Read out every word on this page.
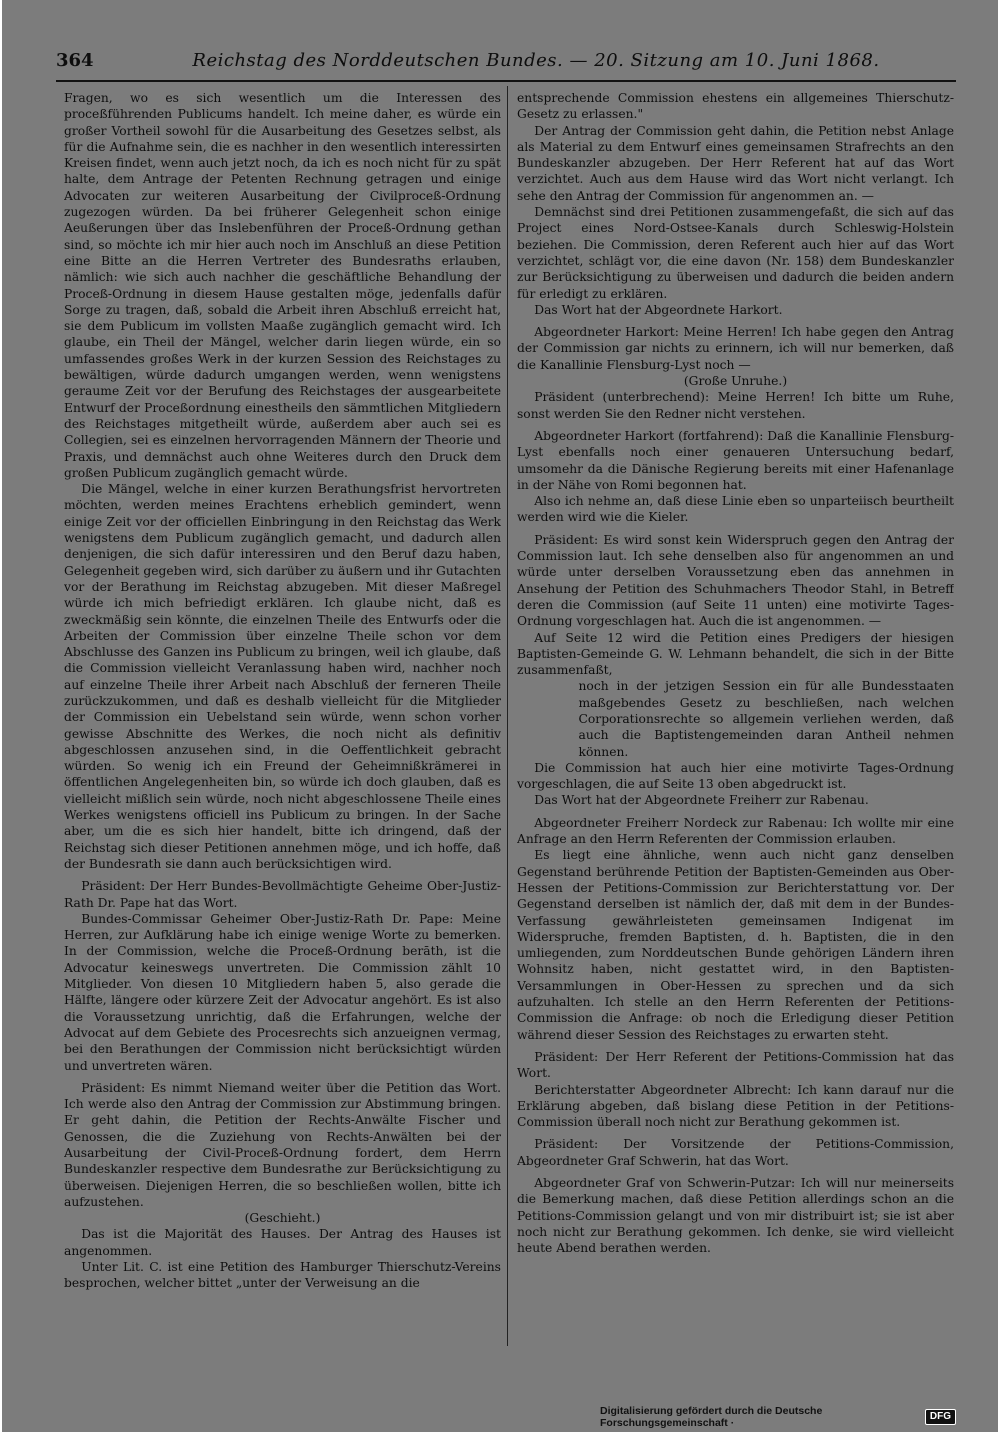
364	Reichstag des Norddeutschen Bundes. — 20. Sitzung am 10. Juni 1868.

Fragen, wo es sich wesentlich um die Interessen des proceßführenden Publicums handelt. Ich meine daher, es würde ein großer Vortheil sowohl für die Ausarbeitung des Gesetzes selbst, als für die Aufnahme sein, die es nachher in den wesentlich interessirten Kreisen findet, wenn auch jetzt noch, da ich es noch nicht für zu spät halte, dem Antrage der Petenten Rechnung getragen und einige Advocaten zur weiteren Ausarbeitung der Civilproceß-Ordnung zugezogen würden. Da bei früherer Gelegenheit schon einige Aeußerungen über das Inslebenführen der Proceß-Ordnung gethan sind, so möchte ich mir hier auch noch im Anschluß an diese Petition eine Bitte an die Herren Vertreter des Bundesraths erlauben, nämlich: wie sich auch nachher die geschäftliche Behandlung der Proceß-Ordnung in diesem Hause gestalten möge, jedenfalls dafür Sorge zu tragen, daß, sobald die Arbeit ihren Abschluß erreicht hat, sie dem Publicum im vollsten Maaße zugänglich gemacht wird. Ich glaube, ein Theil der Mängel, welcher darin liegen würde, ein so umfassendes großes Werk in der kurzen Session des Reichstages zu bewältigen, würde dadurch umgangen werden, wenn wenigstens geraume Zeit vor der Berufung des Reichstages der ausgearbeitete Entwurf der Proceßordnung einestheils den sämmtlichen Mitgliedern des Reichstages mitgetheilt würde, außerdem aber auch sei es Collegien, sei es einzelnen hervorragenden Männern der Theorie und Praxis, und demnächst auch ohne Weiteres durch den Druck dem großen Publicum zugänglich gemacht würde.

Die Mängel, welche in einer kurzen Berathungsfrist hervortreten möchten, werden meines Erachtens erheblich gemindert, wenn einige Zeit vor der officiellen Einbringung in den Reichstag das Werk wenigstens dem Publicum zugänglich gemacht, und dadurch allen denjenigen, die sich dafür interessiren und den Beruf dazu haben, Gelegenheit gegeben wird, sich darüber zu äußern und ihr Gutachten vor der Berathung im Reichstag abzugeben. Mit dieser Maßregel würde ich mich befriedigt erklären. Ich glaube nicht, daß es zweckmäßig sein könnte, die einzelnen Theile des Entwurfs oder die Arbeiten der Commission über einzelne Theile schon vor dem Abschlusse des Ganzen ins Publicum zu bringen, weil ich glaube, daß die Commission vielleicht Veranlassung haben wird, nachher noch auf einzelne Theile ihrer Arbeit nach Abschluß der ferneren Theile zurückzukommen, und daß es deshalb vielleicht für die Mitglieder der Commission ein Uebelstand sein würde, wenn schon vorher gewisse Abschnitte des Werkes, die noch nicht als definitiv abgeschlossen anzusehen sind, in die Oeffentlichkeit gebracht würden. So wenig ich ein Freund der Geheimnißkrämerei in öffentlichen Angelegenheiten bin, so würde ich doch glauben, daß es vielleicht mißlich sein würde, noch nicht abgeschlossene Theile eines Werkes wenigstens officiell ins Publicum zu bringen. In der Sache aber, um die es sich hier handelt, bitte ich dringend, daß der Reichstag sich dieser Petitionen annehmen möge, und ich hoffe, daß der Bundesrath sie dann auch berücksichtigen wird.

Präsident: Der Herr Bundes-Bevollmächtigte Geheime Ober-Justiz-Rath Dr. Pape hat das Wort.

Bundes-Commissar Geheimer Ober-Justiz-Rath Dr. Pape: Meine Herren, zur Aufklärung habe ich einige wenige Worte zu bemerken. In der Commission, welche die Proceß-Ordnung berāth, ist die Advocatur keineswegs unvertreten. Die Commission zählt 10 Mitglieder. Von diesen 10 Mitgliedern haben 5, also gerade die Hälfte, längere oder kürzere Zeit der Advocatur angehört. Es ist also die Voraussetzung unrichtig, daß die Erfahrungen, welche der Advocat auf dem Gebiete des Procesrechts sich anzueignen vermag, bei den Berathungen der Commission nicht berücksichtigt würden und unvertreten wären.

Präsident: Es nimmt Niemand weiter über die Petition das Wort. Ich werde also den Antrag der Commission zur Abstimmung bringen. Er geht dahin, die Petition der Rechts-Anwälte Fischer und Genossen, die die Zuziehung von Rechts-Anwälten bei der Ausarbeitung der Civil-Proceß-Ordnung fordert, dem Herrn Bundeskanzler respective dem Bundesrathe zur Berücksichtigung zu überweisen. Diejenigen Herren, die so beschließen wollen, bitte ich aufzustehen.

(Geschieht.)

Das ist die Majorität des Hauses. Der Antrag des Hauses ist angenommen.

Unter Lit. C. ist eine Petition des Hamburger Thierschutz-Vereins besprochen, welcher bittet „unter der Verweisung an die

entsprechende Commission ehestens ein allgemeines Thierschutz-Gesetz zu erlassen."

Der Antrag der Commission geht dahin, die Petition nebst Anlage als Material zu dem Entwurf eines gemeinsamen Strafrechts an den Bundeskanzler abzugeben. Der Herr Referent hat auf das Wort verzichtet. Auch aus dem Hause wird das Wort nicht verlangt. Ich sehe den Antrag der Commission für angenommen an. —

Demnächst sind drei Petitionen zusammengefaßt, die sich auf das Project eines Nord-Ostsee-Kanals durch Schleswig-Holstein beziehen. Die Commission, deren Referent auch hier auf das Wort verzichtet, schlägt vor, die eine davon (Nr. 158) dem Bundeskanzler zur Berücksichtigung zu überweisen und dadurch die beiden andern für erledigt zu erklären.

Das Wort hat der Abgeordnete Harkort.

Abgeordneter Harkort: Meine Herren! Ich habe gegen den Antrag der Commission gar nichts zu erinnern, ich will nur bemerken, daß die Kanallinie Flensburg-Lyst noch —

(Große Unruhe.)

Präsident (unterbrechend): Meine Herren! Ich bitte um Ruhe, sonst werden Sie den Redner nicht verstehen.

Abgeordneter Harkort (fortfahrend): Daß die Kanallinie Flensburg-Lyst ebenfalls noch einer genaueren Untersuchung bedarf, umsomehr da die Dänische Regierung bereits mit einer Hafenanlage in der Nähe von Romi begonnen hat.

Also ich nehme an, daß diese Linie eben so unparteiisch beurtheilt werden wird wie die Kieler.

Präsident: Es wird sonst kein Widerspruch gegen den Antrag der Commission laut. Ich sehe denselben also für angenommen an und würde unter derselben Voraussetzung eben das annehmen in Ansehung der Petition des Schuhmachers Theodor Stahl, in Betreff deren die Commission (auf Seite 11 unten) eine motivirte Tages-Ordnung vorgeschlagen hat. Auch die ist angenommen. —

Auf Seite 12 wird die Petition eines Predigers der hiesigen Baptisten-Gemeinde G. W. Lehmann behandelt, die sich in der Bitte zusammenfaßt,

noch in der jetzigen Session ein für alle Bundesstaaten maßgebendes Gesetz zu beschließen, nach welchen Corporationsrechte so allgemein verliehen werden, daß auch die Baptistengemeinden daran Antheil nehmen können.

Die Commission hat auch hier eine motivirte Tages-Ordnung vorgeschlagen, die auf Seite 13 oben abgedruckt ist.

Das Wort hat der Abgeordnete Freiherr zur Rabenau.

Abgeordneter Freiherr Nordeck zur Rabenau: Ich wollte mir eine Anfrage an den Herrn Referenten der Commission erlauben.

Es liegt eine ähnliche, wenn auch nicht ganz denselben Gegenstand berührende Petition der Baptisten-Gemeinden aus Ober-Hessen der Petitions-Commission zur Berichterstattung vor. Der Gegenstand derselben ist nämlich der, daß mit dem in der Bundes-Verfassung gewährleisteten gemeinsamen Indigenat im Widerspruche, fremden Baptisten, d. h. Baptisten, die in den umliegenden, zum Norddeutschen Bunde gehörigen Ländern ihren Wohnsitz haben, nicht gestattet wird, in den Baptisten-Versammlungen in Ober-Hessen zu sprechen und da sich aufzuhalten. Ich stelle an den Herrn Referenten der Petitions-Commission die Anfrage: ob noch die Erledigung dieser Petition während dieser Session des Reichstages zu erwarten steht.

Präsident: Der Herr Referent der Petitions-Commission hat das Wort.

Berichterstatter Abgeordneter Albrecht: Ich kann darauf nur die Erklärung abgeben, daß bislang diese Petition in der Petitions-Commission überall noch nicht zur Berathung gekommen ist.

Präsident: Der Vorsitzende der Petitions-Commission, Abgeordneter Graf Schwerin, hat das Wort.

Abgeordneter Graf von Schwerin-Putzar: Ich will nur meinerseits die Bemerkung machen, daß diese Petition allerdings schon an die Petitions-Commission gelangt und von mir distribuirt ist; sie ist aber noch nicht zur Berathung gekommen. Ich denke, sie wird vielleicht heute Abend berathen werden.

Digitalisierung gefördert durch die Deutsche Forschungsgemeinschaft ·
DFG
